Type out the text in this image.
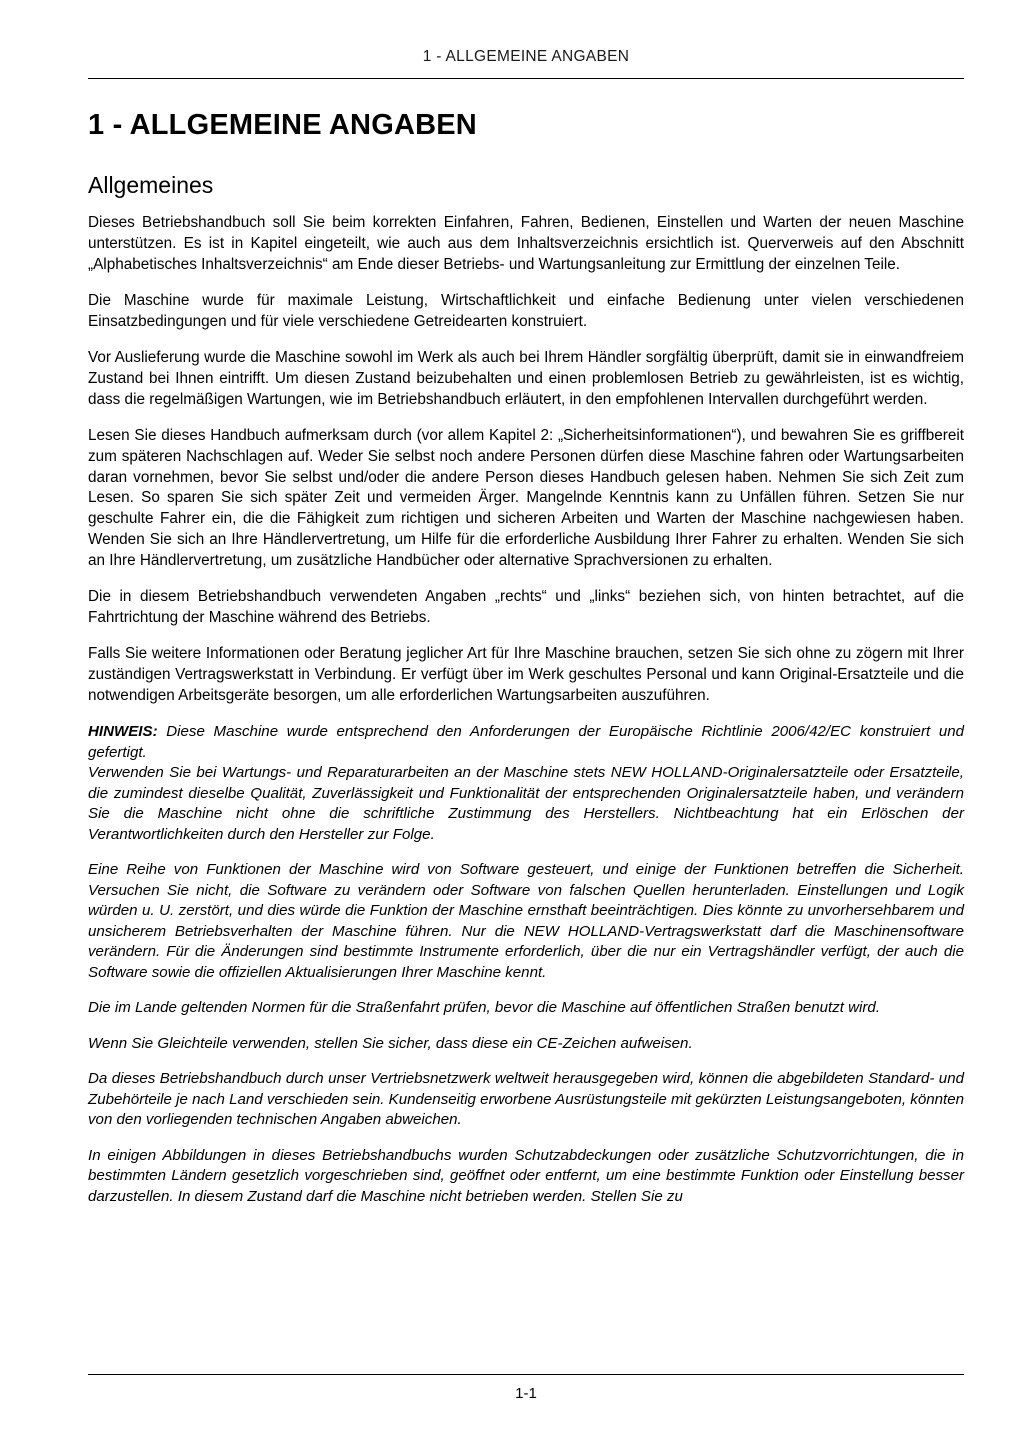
1 - ALLGEMEINE ANGABEN
1 - ALLGEMEINE ANGABEN
Allgemeines

Dieses Betriebshandbuch soll Sie beim korrekten Einfahren, Fahren, Bedienen, Einstellen und Warten der neuen Maschine unterstützen. Es ist in Kapitel eingeteilt, wie auch aus dem Inhaltsverzeichnis ersichtlich ist. Querverweis auf den Abschnitt „Alphabetisches Inhaltsverzeichnis“ am Ende dieser Betriebs- und Wartungsanleitung zur Ermittlung der einzelnen Teile.

Die Maschine wurde für maximale Leistung, Wirtschaftlichkeit und einfache Bedienung unter vielen verschiedenen Einsatzbedingungen und für viele verschiedene Getreidearten konstruiert.

Vor Auslieferung wurde die Maschine sowohl im Werk als auch bei Ihrem Händler sorgfältig überprüft, damit sie in einwandfreiem Zustand bei Ihnen eintrifft. Um diesen Zustand beizubehalten und einen problemlosen Betrieb zu gewährleisten, ist es wichtig, dass die regelmäßigen Wartungen, wie im Betriebshandbuch erläutert, in den empfohlenen Intervallen durchgeführt werden.

Lesen Sie dieses Handbuch aufmerksam durch (vor allem Kapitel 2: „Sicherheitsinformationen“), und bewahren Sie es griffbereit zum späteren Nachschlagen auf. Weder Sie selbst noch andere Personen dürfen diese Maschine fahren oder Wartungsarbeiten daran vornehmen, bevor Sie selbst und/oder die andere Person dieses Handbuch gelesen haben. Nehmen Sie sich Zeit zum Lesen. So sparen Sie sich später Zeit und vermeiden Ärger. Mangelnde Kenntnis kann zu Unfällen führen. Setzen Sie nur geschulte Fahrer ein, die die Fähigkeit zum richtigen und sicheren Arbeiten und Warten der Maschine nachgewiesen haben. Wenden Sie sich an Ihre Händlervertretung, um Hilfe für die erforderliche Ausbildung Ihrer Fahrer zu erhalten. Wenden Sie sich an Ihre Händlervertretung, um zusätzliche Handbücher oder alternative Sprachversionen zu erhalten.

Die in diesem Betriebshandbuch verwendeten Angaben „rechts“ und „links“ beziehen sich, von hinten betrachtet, auf die Fahrtrichtung der Maschine während des Betriebs.

Falls Sie weitere Informationen oder Beratung jeglicher Art für Ihre Maschine brauchen, setzen Sie sich ohne zu zögern mit Ihrer zuständigen Vertragswerkstatt in Verbindung. Er verfügt über im Werk geschultes Personal und kann Original-Ersatzteile und die notwendigen Arbeitsgeräte besorgen, um alle erforderlichen Wartungsarbeiten auszuführen.

HINWEIS: Diese Maschine wurde entsprechend den Anforderungen der Europäische Richtlinie 2006/42/EC konstruiert und gefertigt.

Verwenden Sie bei Wartungs- und Reparaturarbeiten an der Maschine stets NEW HOLLAND-Originalersatzteile oder Ersatzteile, die zumindest dieselbe Qualität, Zuverlässigkeit und Funktionalität der entsprechenden Originalersatzteile haben, und verändern Sie die Maschine nicht ohne die schriftliche Zustimmung des Herstellers. Nichtbeachtung hat ein Erlöschen der Verantwortlichkeiten durch den Hersteller zur Folge.

Eine Reihe von Funktionen der Maschine wird von Software gesteuert, und einige der Funktionen betreffen die Sicherheit. Versuchen Sie nicht, die Software zu verändern oder Software von falschen Quellen herunterladen. Einstellungen und Logik würden u. U. zerstört, und dies würde die Funktion der Maschine ernsthaft beeinträchtigen. Dies könnte zu unvorhersehbarem und unsicherem Betriebsverhalten der Maschine führen. Nur die NEW HOLLAND-Vertragswerkstatt darf die Maschinensoftware verändern. Für die Änderungen sind bestimmte Instrumente erforderlich, über die nur ein Vertragshändler verfügt, der auch die Software sowie die offiziellen Aktualisierungen Ihrer Maschine kennt.

Die im Lande geltenden Normen für die Straßenfahrt prüfen, bevor die Maschine auf öffentlichen Straßen benutzt wird.

Wenn Sie Gleichteile verwenden, stellen Sie sicher, dass diese ein CE-Zeichen aufweisen.

Da dieses Betriebshandbuch durch unser Vertriebsnetzwerk weltweit herausgegeben wird, können die abgebildeten Standard- und Zubehörteile je nach Land verschieden sein. Kundenseitig erworbene Ausrüstungsteile mit gekürzten Leistungsangeboten, könnten von den vorliegenden technischen Angaben abweichen.

In einigen Abbildungen in dieses Betriebshandbuchs wurden Schutzabdeckungen oder zusätzliche Schutzvorrichtungen, die in bestimmten Ländern gesetzlich vorgeschrieben sind, geöffnet oder entfernt, um eine bestimmte Funktion oder Einstellung besser darzustellen. In diesem Zustand darf die Maschine nicht betrieben werden. Stellen Sie zu

1-1
